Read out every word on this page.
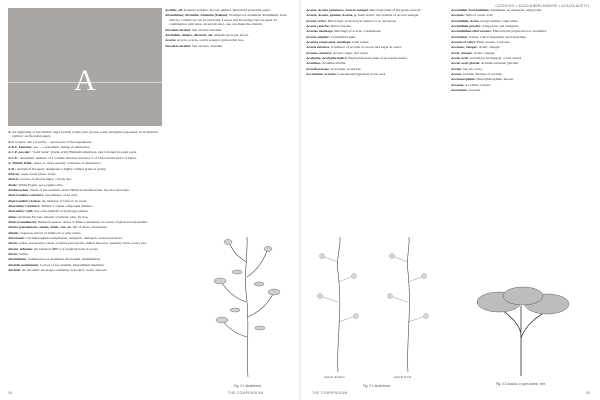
CATECHOL • ACACIA BERLANDIERI • ACACIA ACETYL
A

A: As beginning of inscription: nigra (winter) adepa (fat, grease, lard); anatagma (separate); in alchemical symbol: saccharum (sugar).

A in recipes: ana (of each) ... equal parts of the ingredients.

A.B.C. Inmenst: see ... a systematic listing of substances.

A.C.P. powder: "Acid burnt" (burnt acid); Bismuth subnitrate, and Calomel in equal parts.

A.C.E.: Anesthetic mixture of 1 volume absolute Alcohol, 2 of Chloroform and 3 of Ether.

A. Mitrid. Rhei.: Aqua or, more usually, a mixture of substances.

A.R.: Analytical Reagent; designates a highly refined grade of purity.

Abavus: Aqua fortis (nitric acid).

Abavis: Leaves of Abavis nigra; a black dye.

Abele: White Poplar, see populus alba.

Abelmoschus: Seeds of the aromatic plant, Hibiscus abelmoschus. See also moschus.

Abercrombie's mixture: See mixture of an acid.

Abercrombie's lotion: An infusion of tobacco in water.

Abernethy's mixture: Similar to senna compound mixture.

Abernethy's pill: See colocynthidis et hydrargyri pilula.

Abies: (balsam) Fir tree; balsam of Gilead, pine; fir tree.

Abies (canadensis): Hemlock spruce, Abies or Pinus canadensis. A source of pitch and turpentine.

Abiete (canadensis), oleum, Abiet. can. ol.: Oil of Abies canadensis.

Abietis: Aqueous extract of hemlock or pine resins.

Abrotanol: Calcium naphthol-sulphonate, analgesic, antiseptic and preservative.

Abrus: Abrus precatorius; seeds of Abrus precatorius, Indian liquorice, jequirity bean, rosary pea.

Absint. infusum: An infusion (BPC) of jequirity bean in water.

Abrus: Sulfur.

Absinthium: Southernwood, Artemisia abrotanum. Anthelmintic.

Absinth maritimum: Leaves of sea-absinth, Absynthium maritima.

Absinth: An alcoholic beverage consisting of alcohol, water, and oils.

Acalitic, oil: Potentia verbena. See oil abutilol. Dissolved in mobile paper.

Absinthium; Absinthe; Absinthe (Italian): Wormwood, Artemisia absinthium, from which a volatile oil can be extracted. Leaves and flowering tops are used. In combination with anise oil and alcohol, one can make the absinth.

Absolute alcohol: See alcohol absolute.

Absinthin, dimers, dictards, oil: Absinth oil as per above.

Acacia: Acacia, acacia, acacia senegal, gum arabic tree.

Absolute alcohol: See alcohol, absolute.

Acacia, Acacia gummosa; Acacia senegal: Important plant of the genus Acacia.

Acacia, Acacia, gummi, Acacia, g: Gum arabic, the exudate of Acacia senegal.

Acacia verba: Dried bark, from Acacia arabica or A. decurrens.

Acacia catechu: Dried catechu.

Acaciae mucilago: Mucilage of acacia; a demulcent.

Acacia sulphur: Crystallized gum.

Acacine compound, mucilage: Gum resins.

Acacia mixture: A mixture of powder of acacia and sugar in water.

Acacias, mixture: Acacia, sugar, and water.

Acalypha, Acalypha indica: Euphorbiaceous plant of Acalypha indica.

Acanthus: Acanthus mollis.

Acaraboraceae: Acarapine, Acaricide.

Accutinum, acetum: Concentrated (glacial) acetic acid.

Acetanilid, Acetanilidum: Antifebrin, an analgesic, antipyretic.

Acetates: Salts of acetic acid.

Acetanilide, Aceta: Acetyl-aniline compounds.

Acetanilide powder: Antipyretic and analgesic.

Acetanilidum effervescens: Effervescent preparation of acetanilid.

Acetarium: Salads, which frequently used dressings.

Acetate of ethyl: Ethyl acetate, a solvent.

Acetates, vinegar: Acetic vinegar.

Aceti, vinegar: Acetic vinegar.

Acetic acid: Acetum (acid vinegar), a sour liquid.

Acetic acid, glacial: Acidum aceticum glaciale.

Acetin: See oil, aceto.

Acetol: Acetum, mixture of acetum.

Acetomorphine: Diacetylmorphine, heroin.

Acetone: A volatile solvent.

Acetonum: Acetone.

Fig. 0.1 Absinthium.
Acacia Arabica	Acacia Verek
Fig. 0.1 Absinthium.	Fig. 0.3 Acacia, or gum arabic, tree.
34	THE COMPENDIUM	THE COMPENDIUM	35
